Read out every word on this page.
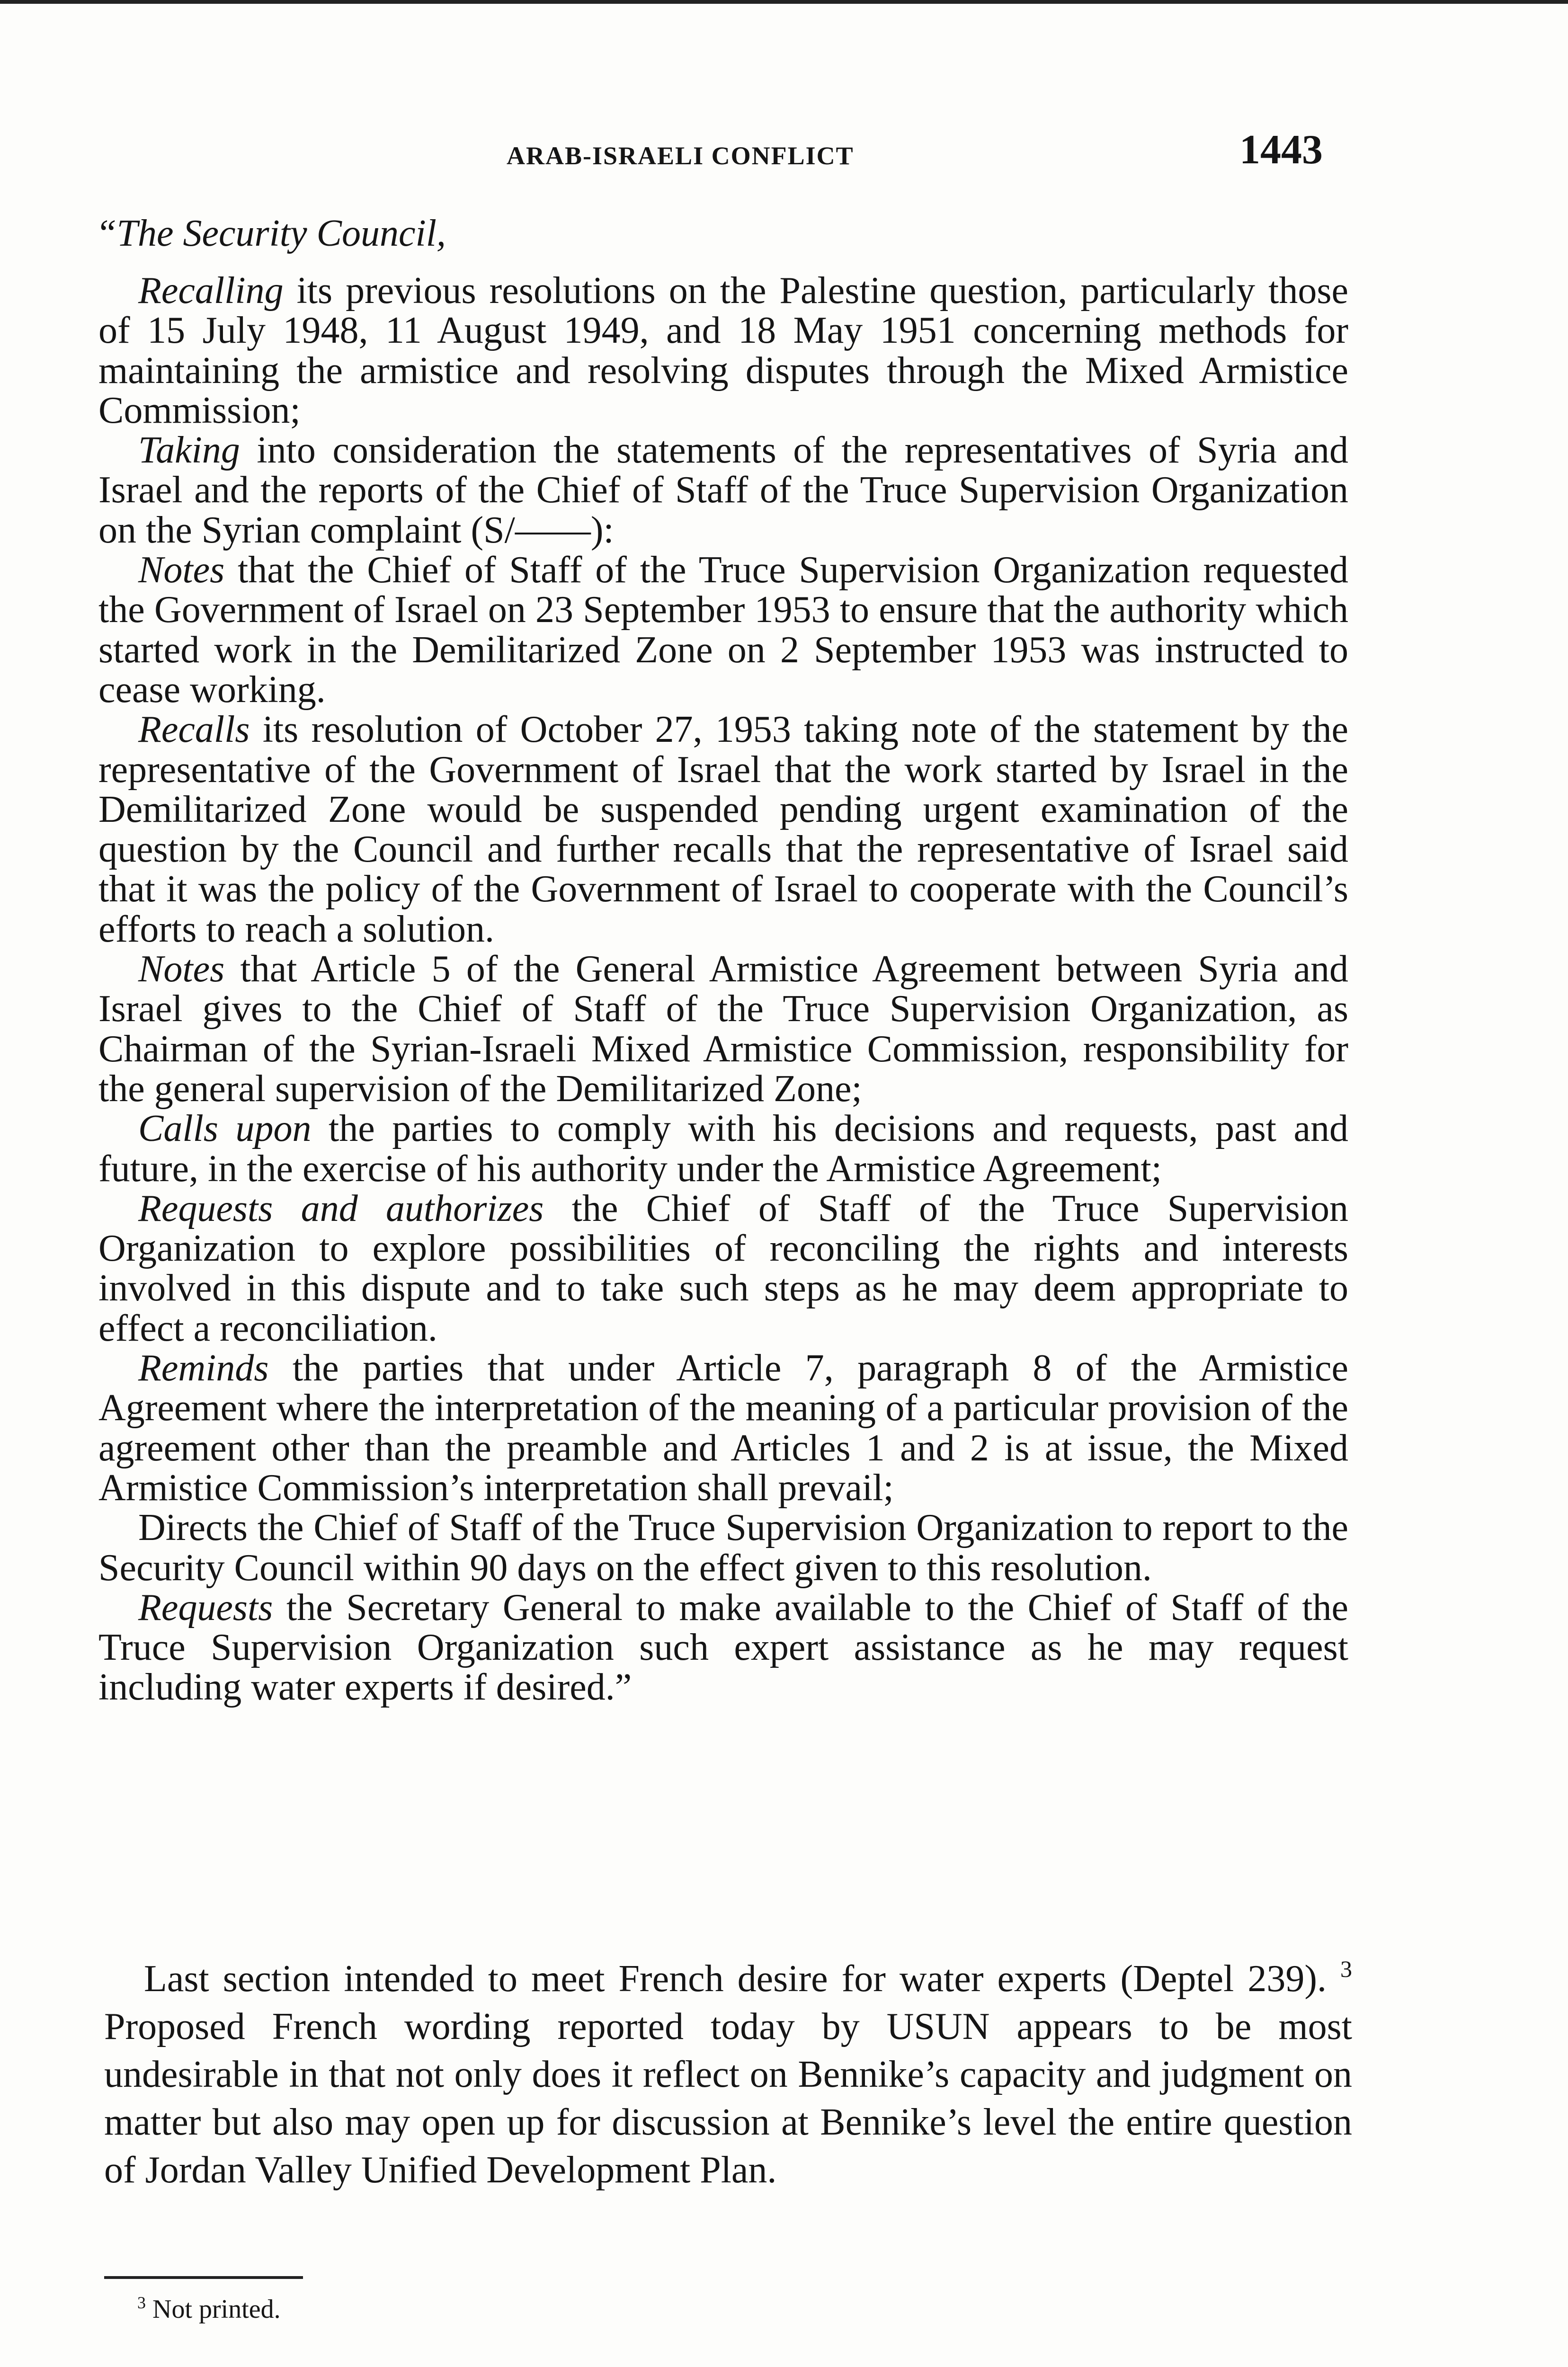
ARAB-ISRAELI CONFLICT	1443
“The Security Council,

Recalling its previous resolutions on the Palestine question, particularly those of 15 July 1948, 11 August 1949, and 18 May 1951 concerning methods for maintaining the armistice and resolving disputes through the Mixed Armistice Commission;

Taking into consideration the statements of the representatives of Syria and Israel and the reports of the Chief of Staff of the Truce Supervision Organization on the Syrian complaint (S/——):

Notes that the Chief of Staff of the Truce Supervision Organization requested the Government of Israel on 23 September 1953 to ensure that the authority which started work in the Demilitarized Zone on 2 September 1953 was instructed to cease working.

Recalls its resolution of October 27, 1953 taking note of the statement by the representative of the Government of Israel that the work started by Israel in the Demilitarized Zone would be suspended pending urgent examination of the question by the Council and further recalls that the representative of Israel said that it was the policy of the Government of Israel to cooperate with the Council’s efforts to reach a solution.

Notes that Article 5 of the General Armistice Agreement between Syria and Israel gives to the Chief of Staff of the Truce Supervision Organization, as Chairman of the Syrian-Israeli Mixed Armistice Commission, responsibility for the general supervision of the Demilitarized Zone;

Calls upon the parties to comply with his decisions and requests, past and future, in the exercise of his authority under the Armistice Agreement;

Requests and authorizes the Chief of Staff of the Truce Supervision Organization to explore possibilities of reconciling the rights and interests involved in this dispute and to take such steps as he may deem appropriate to effect a reconciliation.

Reminds the parties that under Article 7, paragraph 8 of the Armistice Agreement where the interpretation of the meaning of a particular provision of the agreement other than the preamble and Articles 1 and 2 is at issue, the Mixed Armistice Commission’s interpretation shall prevail;

Directs the Chief of Staff of the Truce Supervision Organization to report to the Security Council within 90 days on the effect given to this resolution.

Requests the Secretary General to make available to the Chief of Staff of the Truce Supervision Organization such expert assistance as he may request including water experts if desired.”

Last section intended to meet French desire for water experts (Deptel 239). $^3$ Proposed French wording reported today by USUN appears to be most undesirable in that not only does it reflect on Bennike’s capacity and judgment on matter but also may open up for discussion at Bennike’s level the entire question of Jordan Valley Unified Development Plan.

$^3$ Not printed.
